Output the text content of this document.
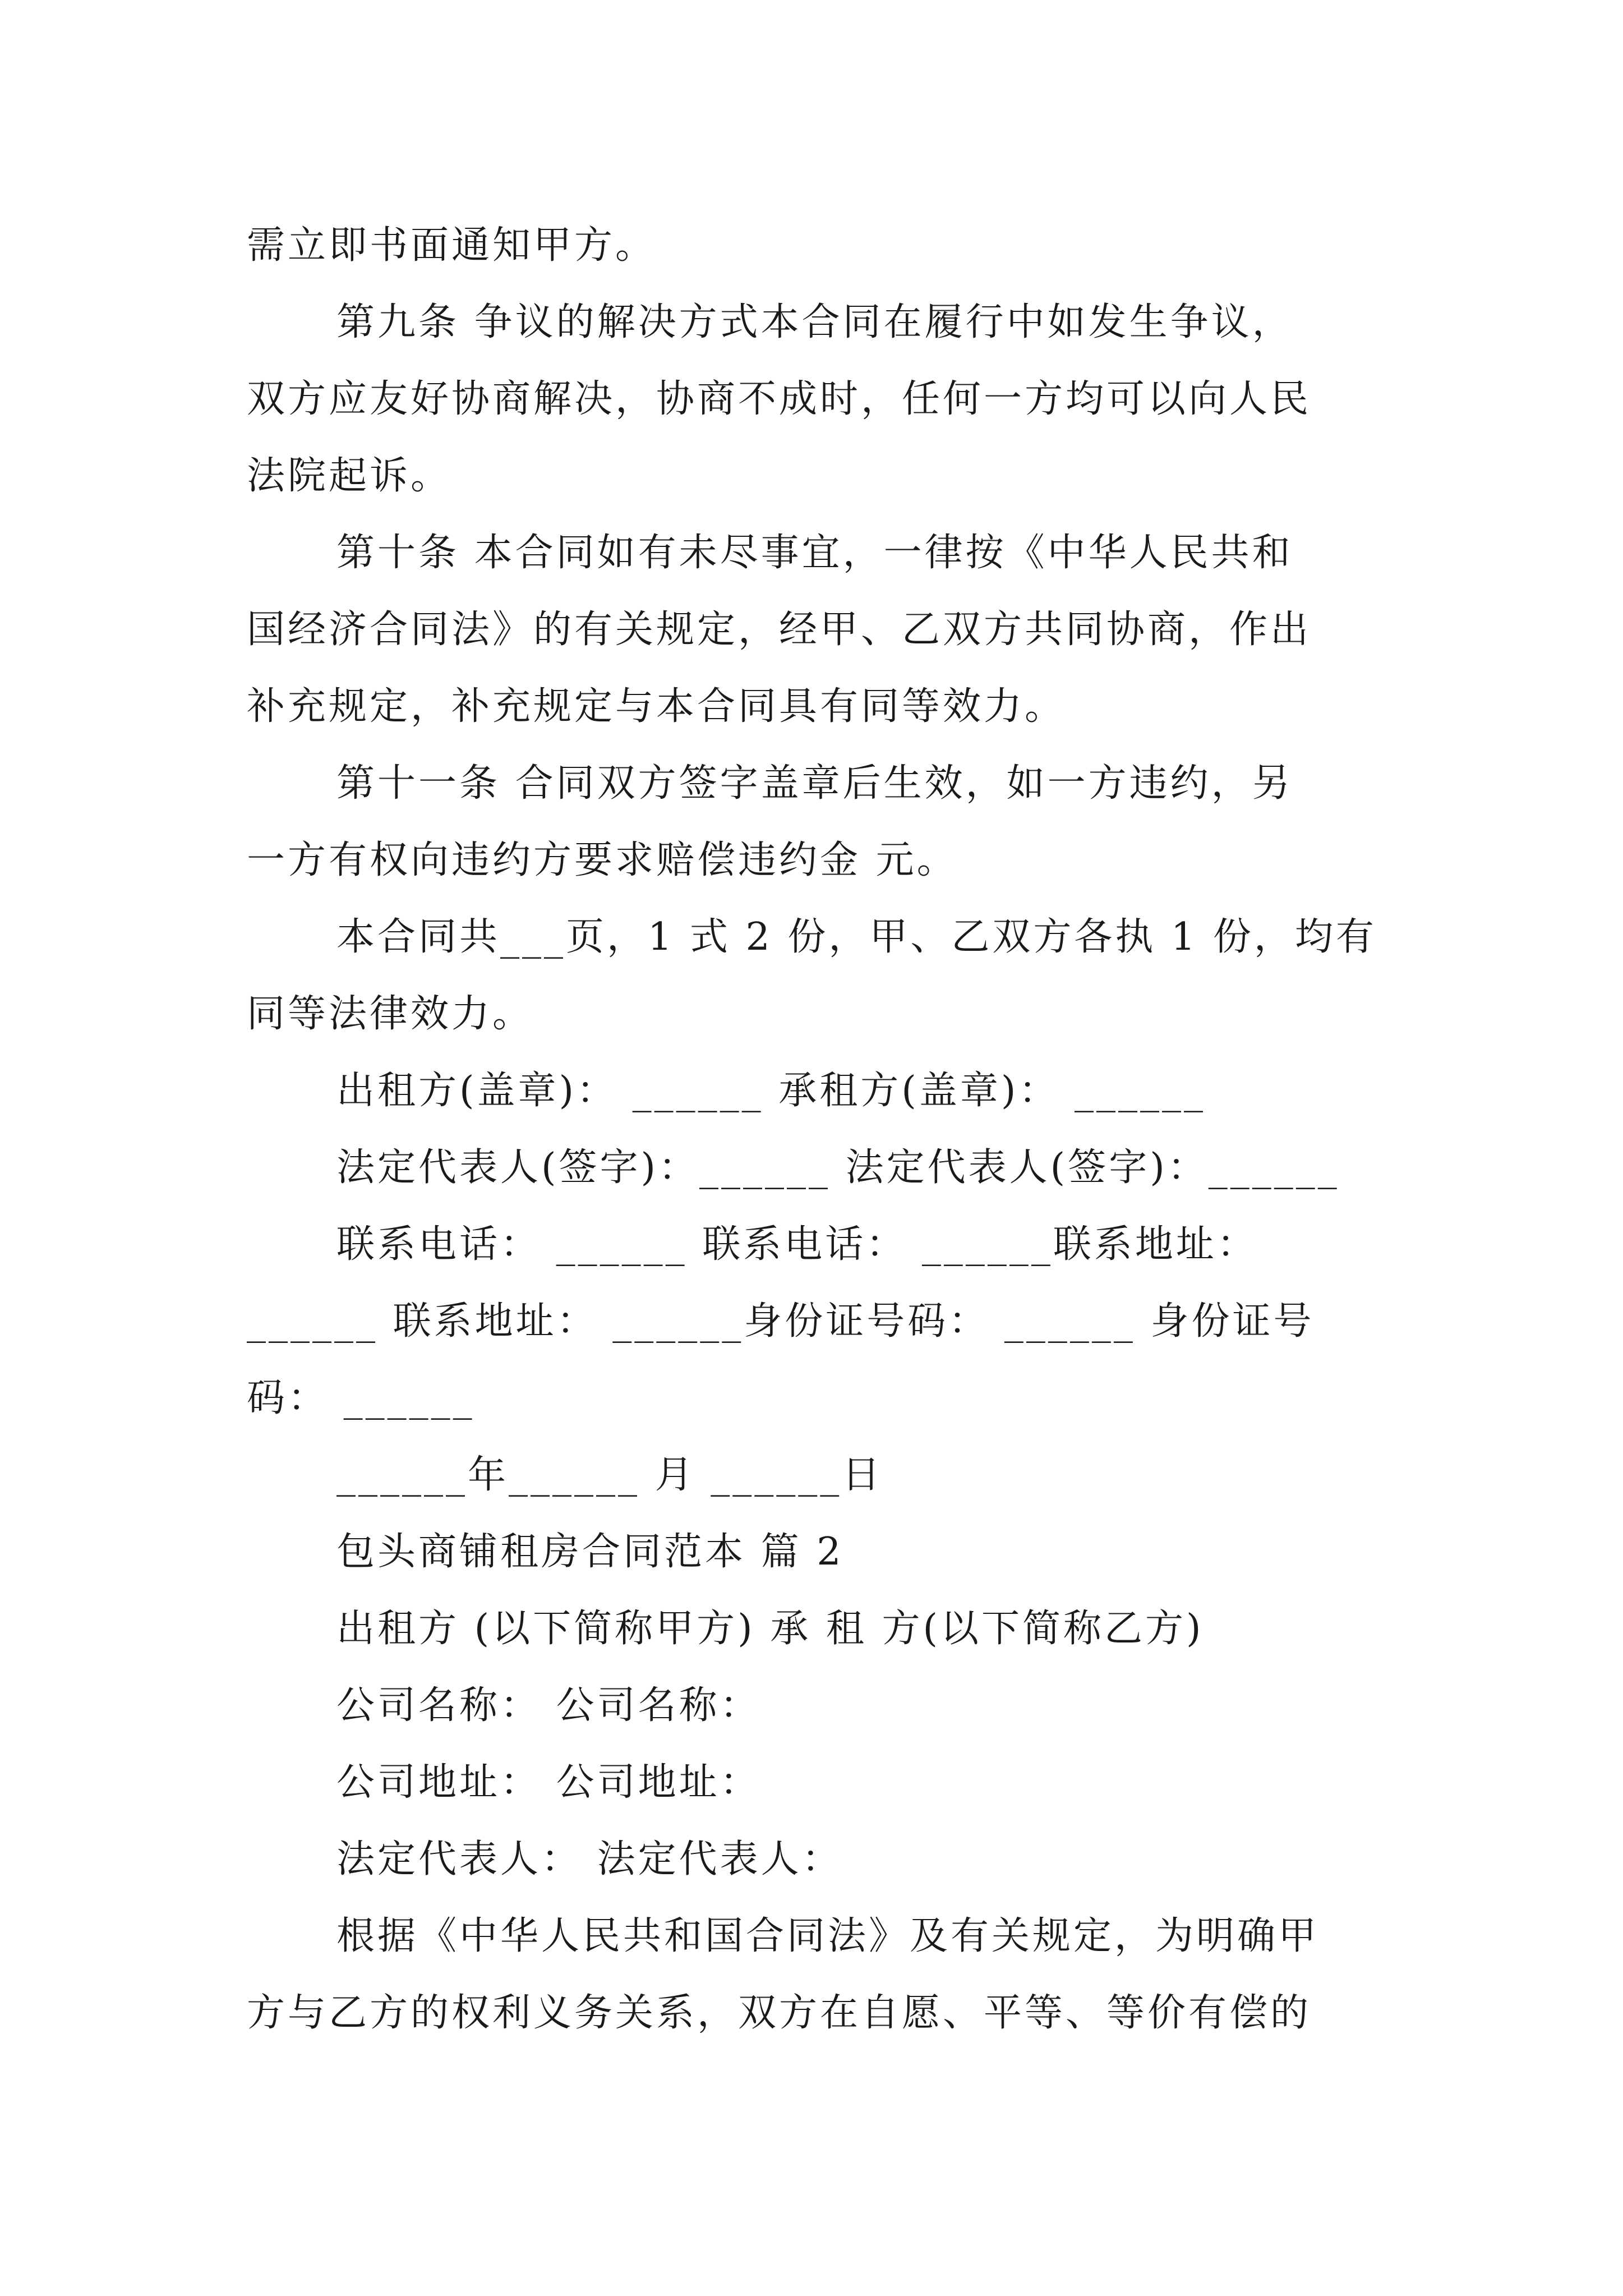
需立即书面通知甲方。
第九条 争议的解决方式本合同在履行中如发生争议，
双方应友好协商解决，协商不成时，任何一方均可以向人民
法院起诉。
第十条 本合同如有未尽事宜，一律按《中华人民共和
国经济合同法》的有关规定，经甲、乙双方共同协商，作出
补充规定，补充规定与本合同具有同等效力。
第十一条 合同双方签字盖章后生效，如一方违约，另
一方有权向违约方要求赔偿违约金 元。
本合同共___页，1 式 2 份，甲、乙双方各执 1 份，均有
同等法律效力。
出租方(盖章)： ______ 承租方(盖章)： ______
法定代表人(签字)：______ 法定代表人(签字)：______
联系电话： ______ 联系电话： ______联系地址：
______ 联系地址： ______身份证号码： ______ 身份证号
码： ______
______年______ 月 ______日
包头商铺租房合同范本 篇 2
出租方 (以下简称甲方) 承 租 方(以下简称乙方)
公司名称： 公司名称：
公司地址： 公司地址：
法定代表人： 法定代表人：
根据《中华人民共和国合同法》及有关规定，为明确甲
方与乙方的权利义务关系，双方在自愿、平等、等价有偿的
